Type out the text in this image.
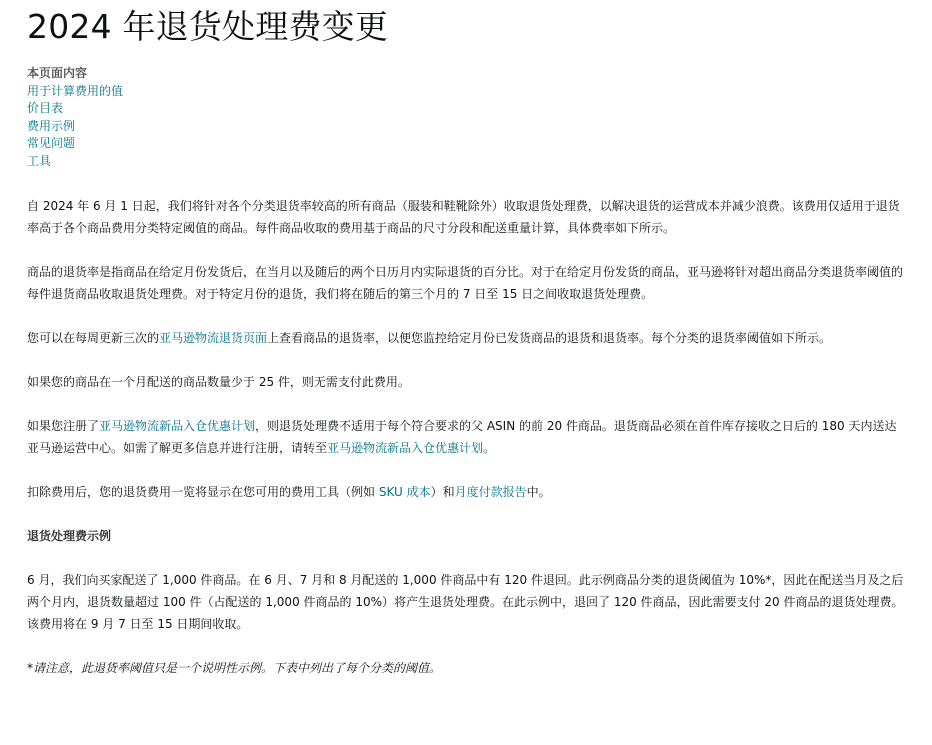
2024 年退货处理费变更
本页面内容
用于计算费用的值
价目表
费用示例
常见问题
工具

自 2024 年 6 月 1 日起，我们将针对各个分类退货率较高的所有商品（服装和鞋靴除外）收取退货处理费，以解决退货的运营成本并减少浪费。该费用仅适用于退货率高于各个商品费用分类特定阈值的商品。每件商品收取的费用基于商品的尺寸分段和配送重量计算，具体费率如下所示。

商品的退货率是指商品在给定月份发货后，在当月以及随后的两个日历月内实际退货的百分比。对于在给定月份发货的商品，亚马逊将针对超出商品分类退货率阈值的每件退货商品收取退货处理费。对于特定月份的退货，我们将在随后的第三个月的 7 日至 15 日之间收取退货处理费。

您可以在每周更新三次的亚马逊物流退货页面上查看商品的退货率，以便您监控给定月份已发货商品的退货和退货率。每个分类的退货率阈值如下所示。

如果您的商品在一个月配送的商品数量少于 25 件，则无需支付此费用。

如果您注册了亚马逊物流新品入仓优惠计划，则退货处理费不适用于每个符合要求的父 ASIN 的前 20 件商品。退货商品必须在首件库存接收之日后的 180 天内送达亚马逊运营中心。如需了解更多信息并进行注册，请转至亚马逊物流新品入仓优惠计划。

扣除费用后，您的退货费用一览将显示在您可用的费用工具（例如 SKU 成本）和月度付款报告中。

退货处理费示例

6 月，我们向买家配送了 1,000 件商品。在 6 月、7 月和 8 月配送的 1,000 件商品中有 120 件退回。此示例商品分类的退货阈值为 10%*，因此在配送当月及之后两个月内，退货数量超过 100 件（占配送的 1,000 件商品的 10%）将产生退货处理费。在此示例中，退回了 120 件商品，因此需要支付 20 件商品的退货处理费。该费用将在 9 月 7 日至 15 日期间收取。

*请注意，此退货率阈值只是一个说明性示例。下表中列出了每个分类的阈值。
